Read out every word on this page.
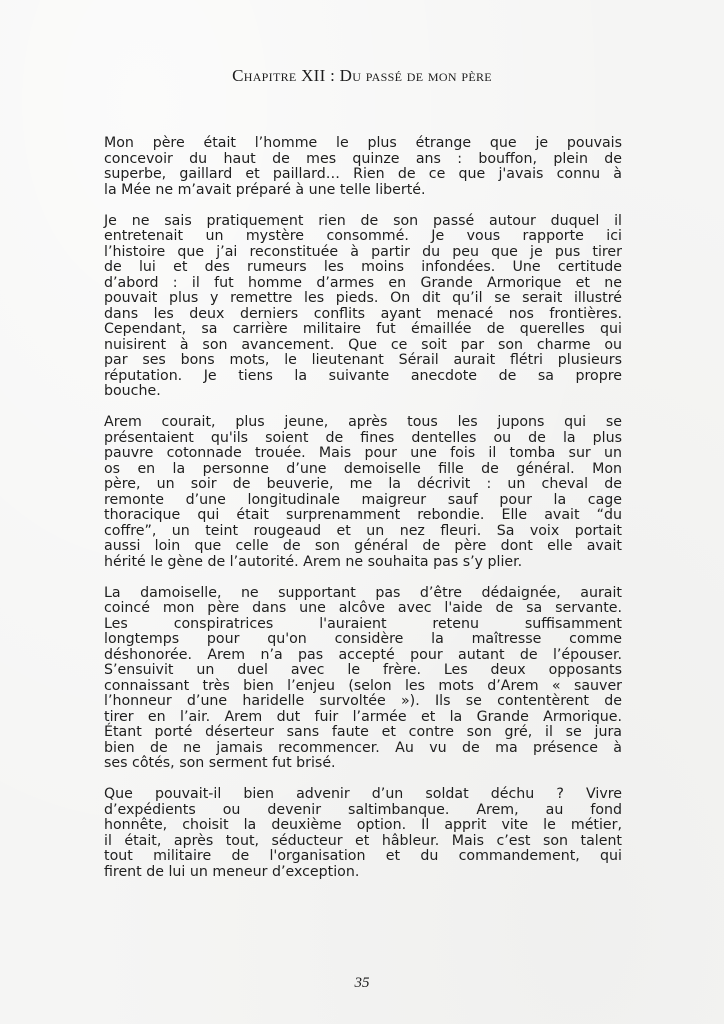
Chapitre XII : Du passé de mon père
Mon père était l’homme le plus étrange que je pouvais
concevoir du haut de mes quinze ans : bouffon, plein de
superbe, gaillard et paillard… Rien de ce que j'avais connu à
la Mée ne m’avait préparé à une telle liberté.
Je ne sais pratiquement rien de son passé autour duquel il
entretenait un mystère consommé. Je vous rapporte ici
l’histoire que j’ai reconstituée à partir du peu que je pus tirer
de lui et des rumeurs les moins infondées. Une certitude
d’abord : il fut homme d’armes en Grande Armorique et ne
pouvait plus y remettre les pieds. On dit qu’il se serait illustré
dans les deux derniers conflits ayant menacé nos frontières.
Cependant, sa carrière militaire fut émaillée de querelles qui
nuisirent à son avancement. Que ce soit par son charme ou
par ses bons mots, le lieutenant Sérail aurait flétri plusieurs
réputation. Je tiens la suivante anecdote de sa propre
bouche.
Arem courait, plus jeune, après tous les jupons qui se
présentaient qu'ils soient de fines dentelles ou de la plus
pauvre cotonnade trouée. Mais pour une fois il tomba sur un
os en la personne d’une demoiselle fille de général. Mon
père, un soir de beuverie, me la décrivit : un cheval de
remonte d’une longitudinale maigreur sauf pour la cage
thoracique qui était surprenamment rebondie. Elle avait “du
coffre”, un teint rougeaud et un nez fleuri. Sa voix portait
aussi loin que celle de son général de père dont elle avait
hérité le gène de l’autorité. Arem ne souhaita pas s’y plier.
La damoiselle, ne supportant pas d’être dédaignée, aurait
coincé mon père dans une alcôve avec l'aide de sa servante.
Les conspiratrices l'auraient retenu suffisamment
longtemps pour qu'on considère la maîtresse comme
déshonorée. Arem n’a pas accepté pour autant de l’épouser.
S’ensuivit un duel avec le frère. Les deux opposants
connaissant très bien l’enjeu (selon les mots d’Arem « sauver
l’honneur d’une haridelle survoltée »). Ils se contentèrent de
tirer en l’air. Arem dut fuir l’armée et la Grande Armorique.
Étant porté déserteur sans faute et contre son gré, il se jura
bien de ne jamais recommencer. Au vu de ma présence à
ses côtés, son serment fut brisé.
Que pouvait-il bien advenir d’un soldat déchu ? Vivre
d’expédients ou devenir saltimbanque. Arem, au fond
honnête, choisit la deuxième option. Il apprit vite le métier,
il était, après tout, séducteur et hâbleur. Mais c’est son talent
tout militaire de l'organisation et du commandement, qui
firent de lui un meneur d’exception.
35
